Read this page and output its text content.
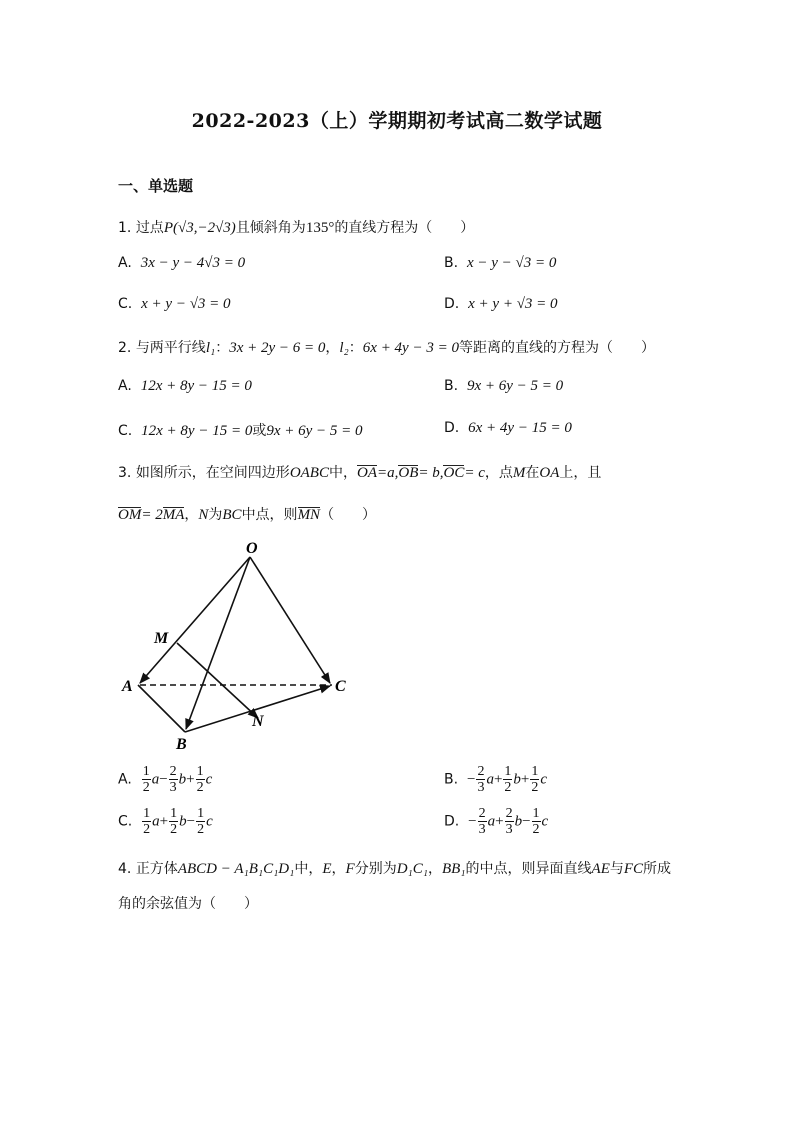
2022-2023（上）学期期初考试高二数学试题
一、单选题
1. 过点P(√3,−2√3)且倾斜角为135°的直线方程为（　　）
A. 3x − y − 4√3 = 0	B. x − y − √3 = 0
C. x + y − √3 = 0	D. x + y + √3 = 0
2. 与两平行线l₁：3x + 2y − 6 = 0，l₂：6x + 4y − 3 = 0等距离的直线的方程为（　　）
A. 12x + 8y − 15 = 0	B. 9x + 6y − 5 = 0
C. 12x + 8y − 15 = 0或9x + 6y − 5 = 0	D. 6x + 4y − 15 = 0
3. 如图所示，在空间四边形OABC中，OA=a,OB= b,OC= c，点M在OA上，且
OM= 2MA，N为BC中点，则MN（　　）
O
M
A	C
N
B
A. $\frac{1}{2} a- \frac{2}{3} b+ \frac{1}{2}$ c	B. − $\frac{2}{3} a+ \frac{1}{2} b+ \frac{1}{2}$ c
C. $\frac{1}{2} a+ \frac{1}{2} b- \frac{1}{2}$ c	D. − $\frac{2}{3} a+ \frac{2}{3} b- \frac{1}{2}$ c
4. 正方体ABCD − A₁B₁C₁D₁中，E，F分别为D₁C₁，BB₁的中点，则异面直线AE与FC所成
角的余弦值为（　　）
